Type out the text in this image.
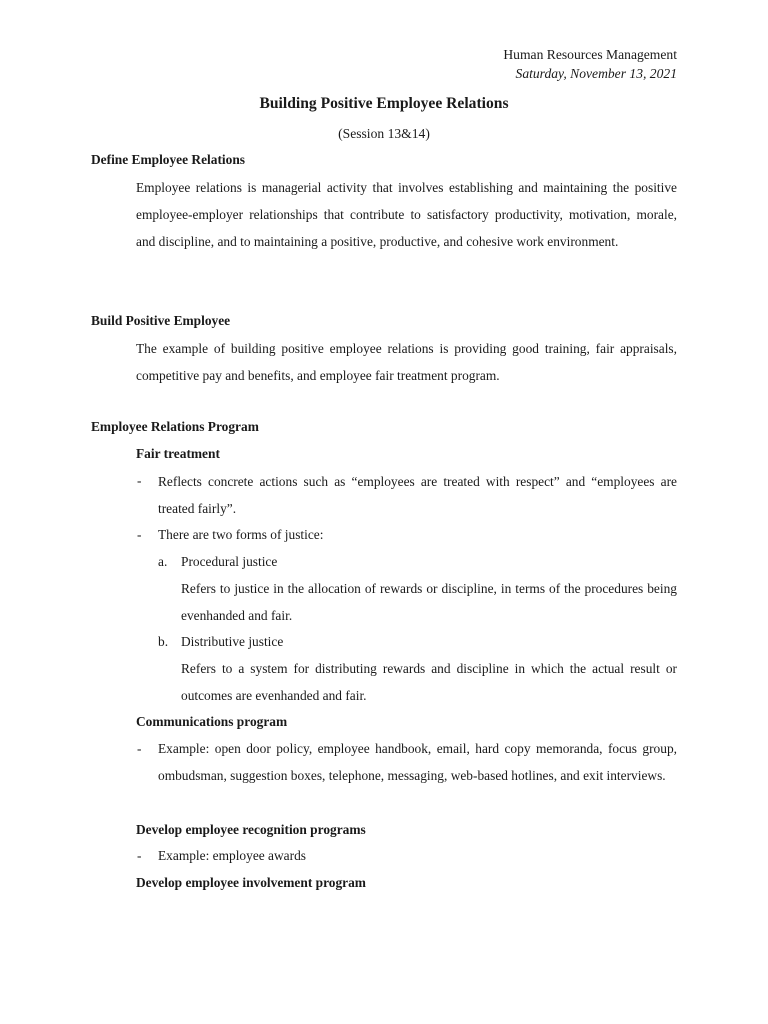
Human Resources Management
Saturday, November 13, 2021
Building Positive Employee Relations
(Session 13&14)
Define Employee Relations
Employee relations is managerial activity that involves establishing and maintaining the positive employee-employer relationships that contribute to satisfactory productivity, motivation, morale, and discipline, and to maintaining a positive, productive, and cohesive work environment.
Build Positive Employee
The example of building positive employee relations is providing good training, fair appraisals, competitive pay and benefits, and employee fair treatment program.
Employee Relations Program
Fair treatment
- Reflects concrete actions such as “employees are treated with respect” and “employees are treated fairly”.
- There are two forms of justice:
a. Procedural justice
Refers to justice in the allocation of rewards or discipline, in terms of the procedures being evenhanded and fair.
b. Distributive justice
Refers to a system for distributing rewards and discipline in which the actual result or outcomes are evenhanded and fair.
Communications program
- Example: open door policy, employee handbook, email, hard copy memoranda, focus group, ombudsman, suggestion boxes, telephone, messaging, web-based hotlines, and exit interviews.
Develop employee recognition programs
- Example: employee awards
Develop employee involvement program
